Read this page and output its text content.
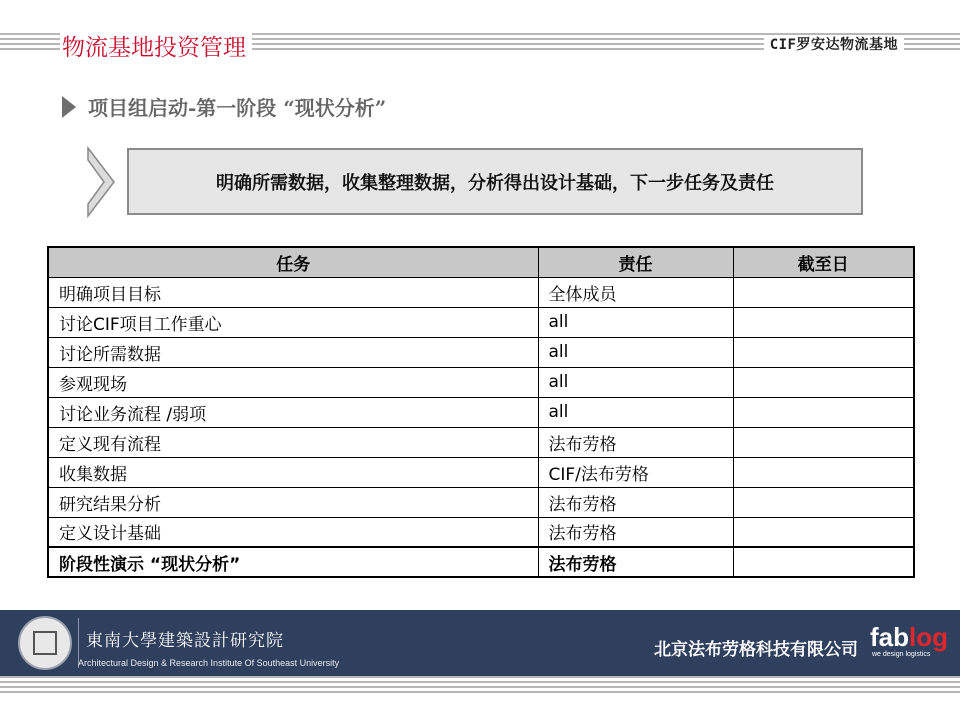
物流基地投资管理	CIF罗安达物流基地
项目组启动-第一阶段 “现状分析”
明确所需数据，收集整理数据，分析得出设计基础，下一步任务及责任
任务	责任	截至日
明确项目目标	全体成员	
讨论CIF项目工作重心	all	
讨论所需数据	all	
参观现场	all	
讨论业务流程 /弱项	all	
定义现有流程	法布劳格	
收集数据	CIF/法布劳格	
研究结果分析	法布劳格	
定义设计基础	法布劳格	
阶段性演示 “现状分析”	法布劳格	
東南大學建築設計研究院
Architectural Design & Research Institute Of Southeast University
北京法布劳格科技有限公司 fablog
we design logistics
